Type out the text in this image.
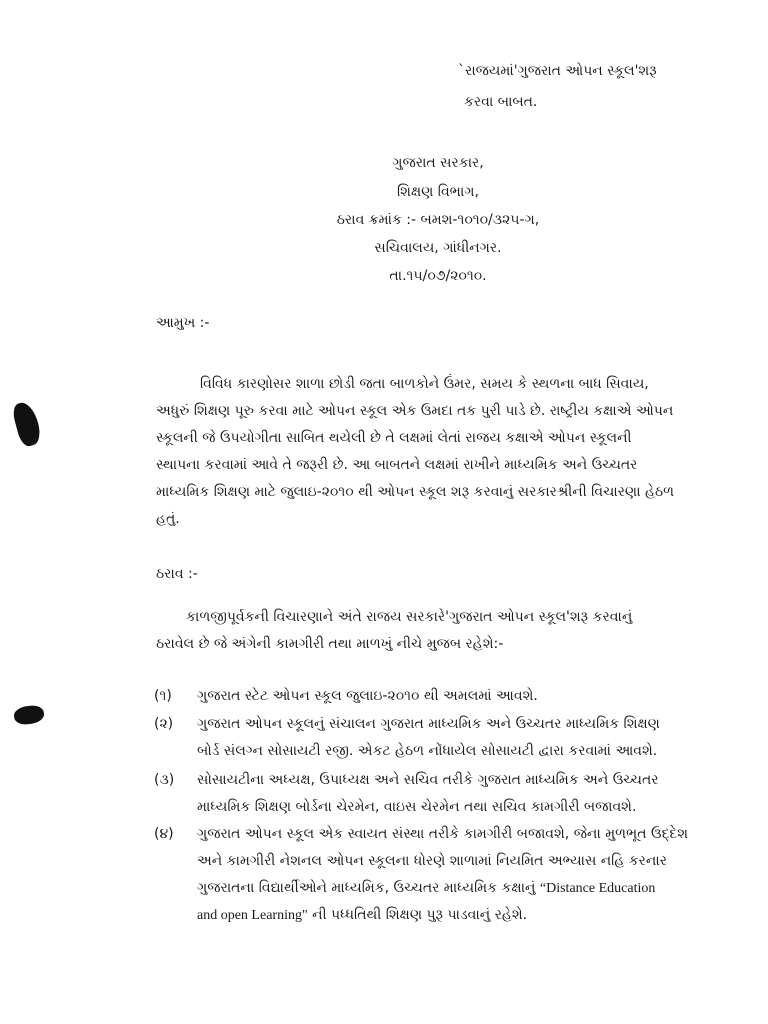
`રાજયમાં'ગુજરાત ઓપન સ્કૂલ'શરૂ
કરવા બાબત.
ગુજરાત સરકાર,
શિક્ષણ વિભાગ,
ઠરાવ ક્રમાંક :- બમશ-૧૦૧૦/૩૨૫-ગ,
સચિવાલય, ગાંધીનગર.
તા.૧૫/૦૭/૨૦૧૦.
આમુખ :-
વિવિધ કારણોસર શાળા છોડી જતા બાળકોને ઉંમર, સમય કે સ્થળના બાધ સિવાય,
અધુરું શિક્ષણ પૂરુ કરવા માટે ઓપન સ્કૂલ એક ઉમદા તક પુરી પાડે છે. રાષ્ટ્રીય કક્ષાએ ઓપન
સ્કૂલની જે ઉપયોગીતા સાબિત થયેલી છે તે લક્ષમાં લેતાં રાજય કક્ષાએ ઓપન સ્કૂલની
સ્થાપના કરવામાં આવે તે જરૂરી છે. આ બાબતને લક્ષમાં રાખીને માધ્યમિક અને ઉચ્ચતર
માધ્યમિક શિક્ષણ માટે જુલાઇ-૨૦૧૦ થી ઓપન સ્કૂલ શરૂ કરવાનું સરકારશ્રીની વિચારણા હેઠળ
હતું.
ઠરાવ :-
કાળજીપૂર્વકની વિચારણાને અંતે રાજય સરકારે'ગુજરાત ઓપન સ્કૂલ'શરૂ કરવાનું
ઠરાવેલ છે જે અંગેની કામગીરી તથા માળખું નીચે મુજબ રહેશે:-
(૧) ગુજરાત સ્ટેટ ઓપન સ્કૂલ જુલાઇ-૨૦૧૦ થી અમલમાં આવશે.
(૨) ગુજરાત ઓપન સ્કૂલનું સંચાલન ગુજરાત માધ્યમિક અને ઉચ્ચતર માધ્યમિક શિક્ષણ
બોર્ડ સંલગ્ન સોસાયટી રજી. એકટ હેઠળ નોંધાયેલ સોસાયટી દ્વારા કરવામાં આવશે.
(૩) સોસાયટીના અધ્યક્ષ, ઉપાધ્યક્ષ અને સચિવ તરીકે ગુજરાત માધ્યમિક અને ઉચ્ચતર
માધ્યમિક શિક્ષણ બોર્ડના ચેરમેન, વાઇસ ચેરમેન તથા સચિવ કામગીરી બજાવશે.
(૪) ગુજરાત ઓપન સ્કૂલ એક સ્વાયત સંસ્થા તરીકે કામગીરી બજાવશે, જેના મુળભૂત ઉદ્દેશ
અને કામગીરી નેશનલ ઓપન સ્કૂલના ધોરણે શાળામાં નિયમિત અભ્યાસ નહિ કરનાર
ગુજરાતના વિદ્યાર્થીઓને માધ્યમિક, ઉચ્ચતર માધ્યમિક કક્ષાનું “Distance Education
and open Learning" ની પધ્ધતિથી શિક્ષણ પુરૂ પાડવાનું રહેશે.
